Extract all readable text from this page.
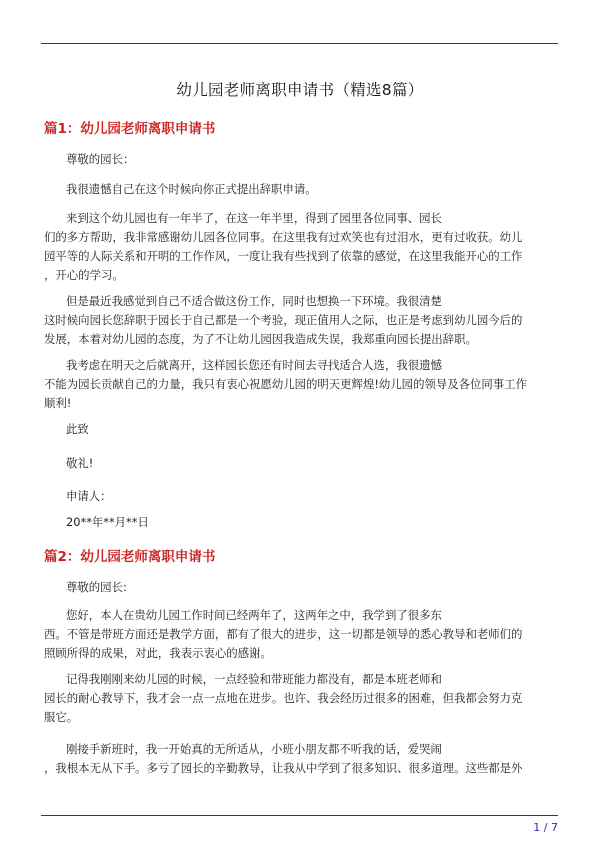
幼儿园老师离职申请书（精选8篇）
篇1：幼儿园老师离职申请书
尊敬的园长：
我很遗憾自己在这个时候向你正式提出辞职申请。
来到这个幼儿园也有一年半了，在这一年半里，得到了园里各位同事、园长
们的多方帮助，我非常感谢幼儿园各位同事。在这里我有过欢笑也有过泪水，更有过收获。幼儿
园平等的人际关系和开明的工作作风，一度让我有些找到了依靠的感觉，在这里我能开心的工作
，开心的学习。
但是最近我感觉到自己不适合做这份工作，同时也想换一下环境。我很清楚
这时候向园长您辞职于园长于自己都是一个考验，现正值用人之际，也正是考虑到幼儿园今后的
发展，本着对幼儿园的态度，为了不让幼儿园因我造成失误，我郑重向园长提出辞职。
我考虑在明天之后就离开，这样园长您还有时间去寻找适合人选，我很遗憾
不能为园长贡献自己的力量，我只有衷心祝愿幼儿园的明天更辉煌!幼儿园的领导及各位同事工作
顺利!
此致
敬礼!
申请人：
20**年**月**日
篇2：幼儿园老师离职申请书
尊敬的园长:
您好，本人在贵幼儿园工作时间已经两年了，这两年之中，我学到了很多东
西。不管是带班方面还是教学方面，都有了很大的进步，这一切都是领导的悉心教导和老师们的
照顾所得的成果，对此，我表示衷心的感谢。
记得我刚刚来幼儿园的时候，一点经验和带班能力都没有，都是本班老师和
园长的耐心教导下，我才会一点一点地在进步。也许、我会经历过很多的困难，但我都会努力克
服它。
刚接手新班时，我一开始真的无所适从，小班小朋友都不听我的话，爱哭闹
，我根本无从下手。多亏了园长的辛勤教导，让我从中学到了很多知识、很多道理。这些都是外
1 / 7
